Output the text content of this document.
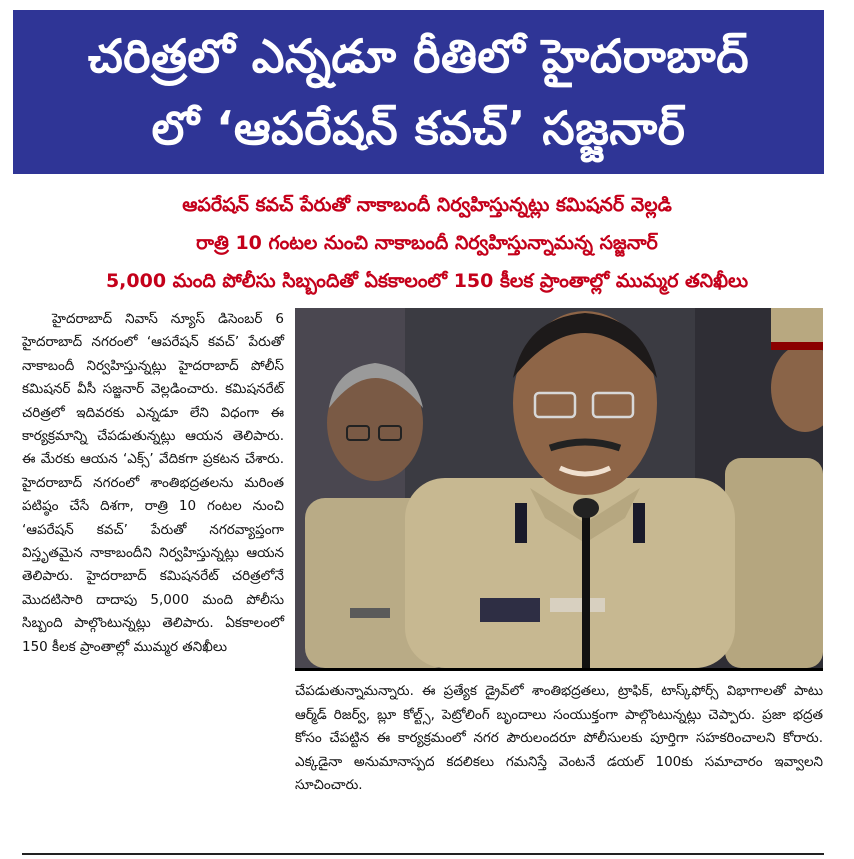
చరిత్రలో ఎన్నడూ రీతిలో హైదరాబాద్
లో ‘ఆపరేషన్ కవచ్’ సజ్జనార్
ఆపరేషన్ కవచ్ పేరుతో నాకాబందీ నిర్వహిస్తున్నట్లు కమిషనర్ వెల్లడి
రాత్రి 10 గంటల నుంచి నాకాబందీ నిర్వహిస్తున్నామన్న సజ్జనార్
5,000 మంది పోలీసు సిబ్బందితో ఏకకాలంలో 150 కీలక ప్రాంతాల్లో ముమ్మర తనిఖీలు

హైదరాబాద్ నివాస్ న్యూస్ డిసెంబర్ 6 హైదరాబాద్ నగరంలో ‘ఆపరేషన్ కవచ్’ పేరుతో నాకాబందీ నిర్వహిస్తున్నట్లు హైదరాబాద్ పోలీస్ కమిషనర్ వీసీ సజ్జనార్ వెల్లడించారు. కమిషనరేట్ చరిత్రలో ఇదివరకు ఎన్నడూ లేని విధంగా ఈ కార్యక్రమాన్ని చేపడుతున్నట్లు ఆయన తెలిపారు. ఈ మేరకు ఆయన ‘ఎక్స్’ వేదికగా ప్రకటన చేశారు. హైదరాబాద్ నగరంలో శాంతిభద్రతలను మరింత పటిష్ఠం చేసే దిశగా, రాత్రి 10 గంటల నుంచి ‘ఆపరేషన్ కవచ్’ పేరుతో నగరవ్యాప్తంగా విస్తృతమైన నాకాబందీని నిర్వహిస్తున్నట్లు ఆయన తెలిపారు. హైదరాబాద్ కమిషనరేట్ చరిత్రలోనే మొదటిసారి దాదాపు 5,000 మంది పోలీసు సిబ్బంది పాల్గొంటున్నట్లు తెలిపారు. ఏకకాలంలో 150 కీలక ప్రాంతాల్లో ముమ్మర తనిఖీలు

చేపడుతున్నామన్నారు. ఈ ప్రత్యేక డ్రైవ్‌లో శాంతిభద్రతలు, ట్రాఫిక్, టాస్క్‌ఫోర్స్ విభాగాలతో పాటు ఆర్మ్‌డ్ రిజర్వ్, బ్లూ కోల్ట్స్, పెట్రోలింగ్ బృందాలు సంయుక్తంగా పాల్గొంటున్నట్లు చెప్పారు. ప్రజా భద్రత కోసం చేపట్టిన ఈ కార్యక్రమంలో నగర పౌరులందరూ పోలీసులకు పూర్తిగా సహకరించాలని కోరారు. ఎక్కడైనా అనుమానాస్పద కదలికలు గమనిస్తే వెంటనే డయల్ 100కు సమాచారం ఇవ్వాలని సూచించారు.
